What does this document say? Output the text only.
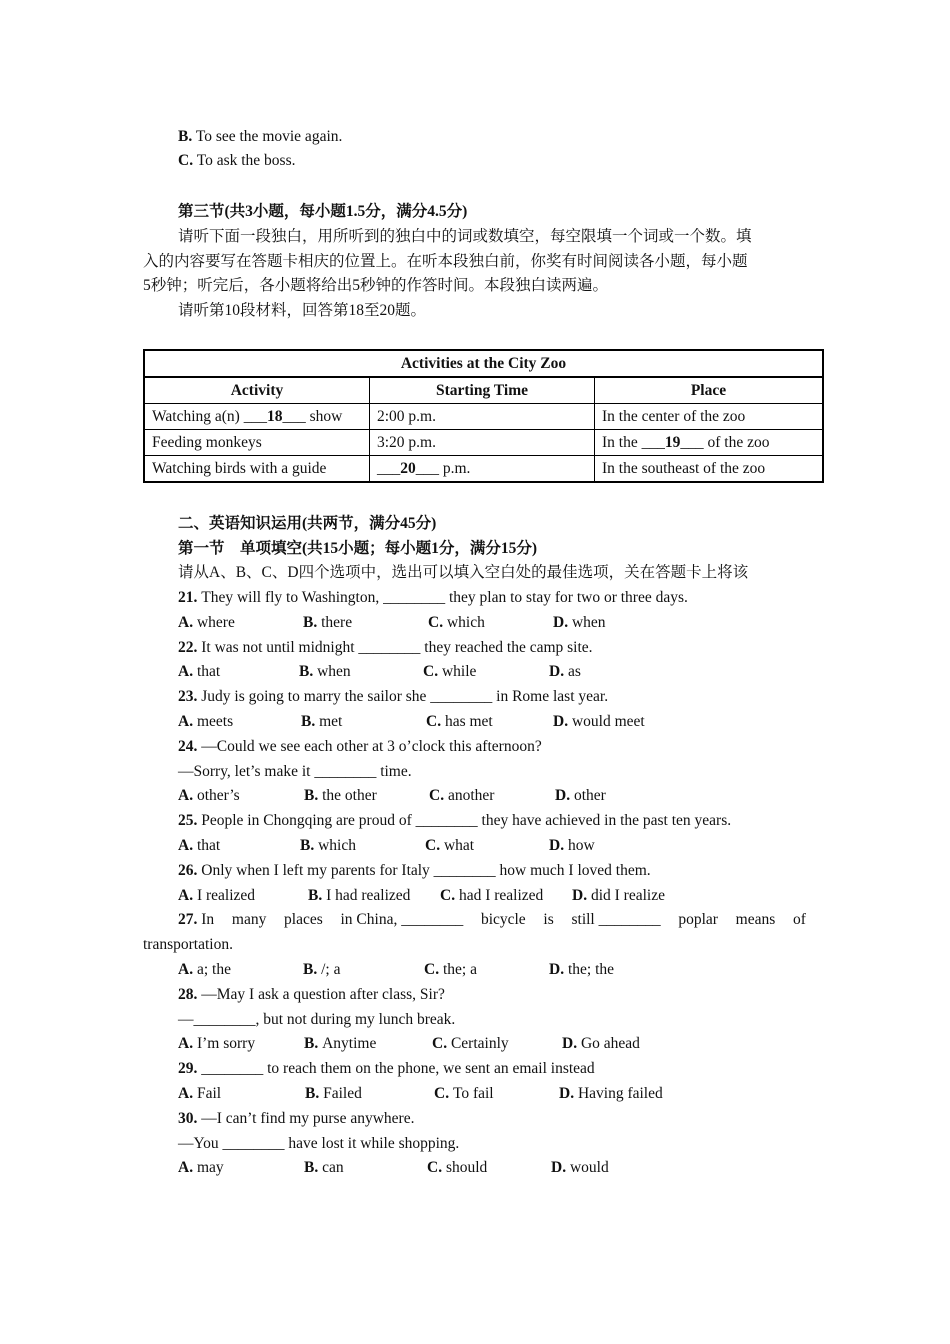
B. To see the movie again.
C. To ask the boss.
第三节(共3小题，每小题1.5分，满分4.5分)
请听下面一段独白，用所听到的独白中的词或数填空，每空限填一个词或一个数。填
入的内容要写在答题卡相庆的位置上。在听本段独白前，你奖有时间阅读各小题，每小题
5秒钟；听完后，各小题将给出5秒钟的作答时间。本段独白读两遍。
请听第10段材料，回答第18至20题。
Activities at the City Zoo		
Activity	Starting Time	Place
Watching a(n) ___18___ show	2:00 p.m.	In the center of the zoo
Feeding monkeys	3:20 p.m.	In the ___19___ of the zoo
Watching birds with a guide	___20___ p.m.	In the southeast of the zoo
二、英语知识运用(共两节，满分45分)
第一节　单项填空(共15小题；每小题1分，满分15分)
请从A、B、C、D四个选项中，选出可以填入空白处的最佳选项，关在答题卡上将该
21. They will fly to Washington, ________ they plan to stay for two or three days.
A. where	B. there	C. which	D. when
22. It was not until midnight ________ they reached the camp site.
A. that	B. when	C. while	D. as
23. Judy is going to marry the sailor she ________ in Rome last year.
A. meets	B. met	C. has met	D. would meet
24. —Could we see each other at 3 o’clock this afternoon?
—Sorry, let’s make it ________ time.
A. other’s	B. the other	C. another	D. other
25. People in Chongqing are proud of ________ they have achieved in the past ten years.
A. that	B. which	C. what	D. how
26. Only when I left my parents for Italy ________ how much I loved them.
A. I realized	B. I had realized C. had I realized D. did I realize
27. In many places in China, ________ bicycle is still ________ poplar means of
transportation.
A. a; the	B. /; a	C. the; a	D. the; the
28. —May I ask a question after class, Sir?
—________, but not during my lunch break.
A. I’m sorry	B. Anytime	C. Certainly	D. Go ahead
29. ________ to reach them on the phone, we sent an email instead
A. Fail	B. Failed	C. To fail	D. Having failed
30. —I can’t find my purse anywhere.
—You ________ have lost it while shopping.
A. may	B. can	C. should	D. would
